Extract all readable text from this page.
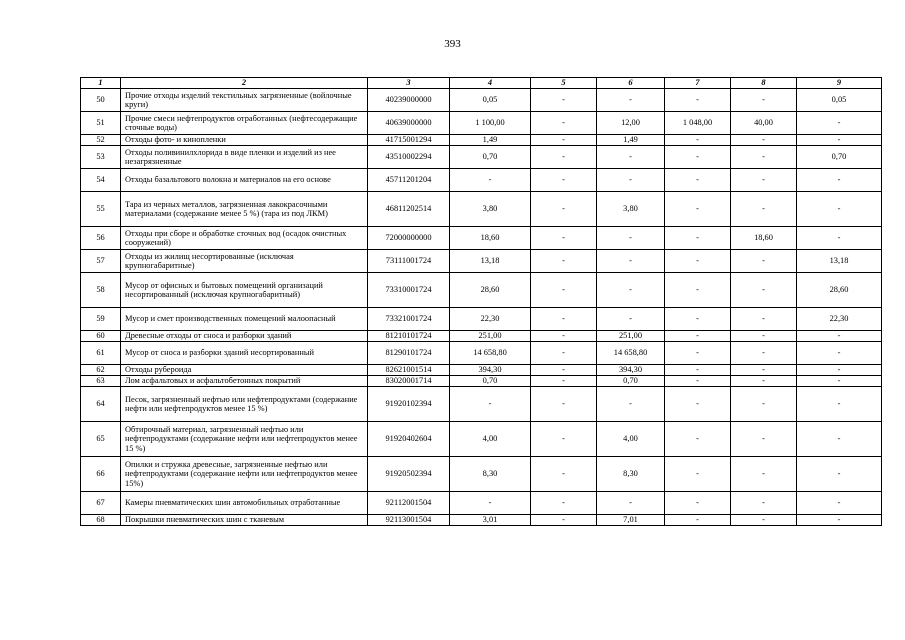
393
1	2	3	4	5	6	7	8	9
50	Прочие отходы изделий текстильных загрязненные (войлочные круги)	40239000000	0,05	-	-	-	-	0,05
51	Прочие смеси нефтепродуктов отработанных (нефтесодержащие сточные воды)	40639000000	1 100,00	-	12,00	1 048,00	40,00	-
52	Отходы фото- и кинопленки	41715001294	1,49	-	1,49	-	-	-
53	Отходы поливинилхлорида в виде пленки и изделий из нее незагрязненные	43510002294	0,70	-	-	-	-	0,70
54	Отходы базальтового волокна и материалов на его основе	45711201204	-	-	-	-	-	-
55	Тара из черных металлов, загрязненная лакокрасочными материалами (содержание менее 5 %) (тара из под ЛКМ)	46811202514	3,80	-	3,80	-	-	-
56	Отходы при сборе и обработке сточных вод (осадок очистных сооружений)	72000000000	18,60	-	-	-	18,60	-
57	Отходы из жилищ несортированные (исключая крупногабаритные)	73111001724	13,18	-	-	-	-	13,18
58	Мусор от офисных и бытовых помещений организаций несортированный (исключая крупногабаритный)	73310001724	28,60	-	-	-	-	28,60
59	Мусор и смет производственных помещений малоопасный	73321001724	22,30	-	-	-	-	22,30
60	Древесные отходы от сноса и разборки зданий	81210101724	251,00	-	251,00	-	-	-
61	Мусор от сноса и разборки зданий несортированный	81290101724	14 658,80	-	14 658,80	-	-	-
62	Отходы рубероида	82621001514	394,30	-	394,30	-	-	-
63	Лом асфальтовых и асфальтобетонных покрытий	83020001714	0,70	-	0,70	-	-	-
64	Песок, загрязненный нефтью или нефтепродуктами (содержание нефти или нефтепродуктов менее 15 %)	91920102394	-	-	-	-	-	-
65	Обтирочный материал, загрязненный нефтью или нефтепродуктами (содержание нефти или нефтепродуктов менее 15 %)	91920402604	4,00	-	4,00	-	-	-
66	Опилки и стружка древесные, загрязненные нефтью или нефтепродуктами (содержание нефти или нефтепродуктов менее 15%)	91920502394	8,30	-	8,30	-	-	-
67	Камеры пневматических шин автомобильных отработанные	92112001504	-	-	-	-	-	-
68	Покрышки пневматических шин с тканевым	92113001504	3,01	-	7,01	-	-	-
